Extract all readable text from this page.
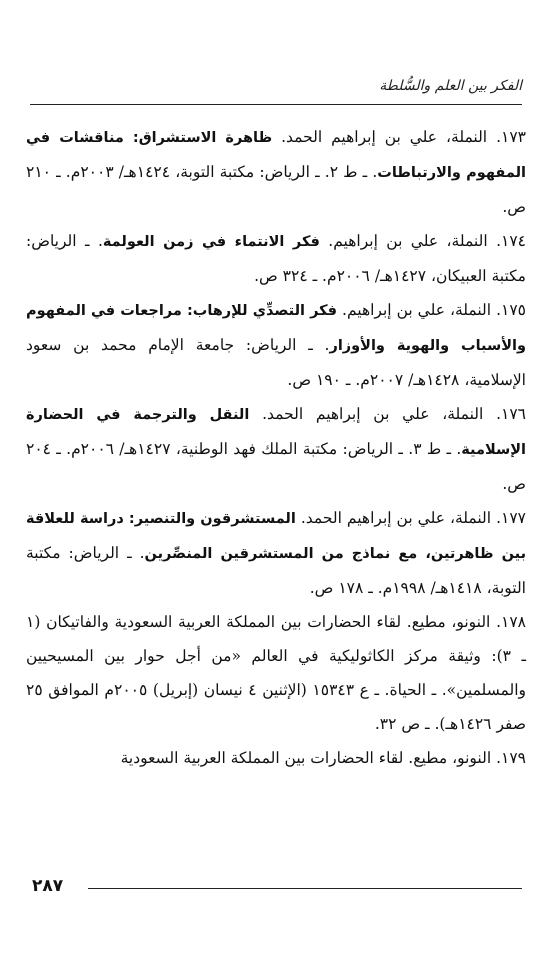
الفكر بين العلم والسُّلطة

١٧٣. النملة، علي بن إبراهيم الحمد. ظاهرة الاستشراق: مناقشات في المفهوم والارتباطات. ـ ط ٢. ـ الرياض: مكتبة التوبة، ١٤٢٤هـ/ ٢٠٠٣م. ـ ٢١٠ ص.

١٧٤. النملة، علي بن إبراهيم. فكر الانتماء في زمن العولمة. ـ الرياض: مكتبة العبيكان، ١٤٢٧هـ/ ٢٠٠٦م. ـ ٣٢٤ ص.

١٧٥. النملة، علي بن إبراهيم. فكر التصدِّي للإرهاب: مراجعات في المفهوم والأسباب والهوية والأوزار. ـ الرياض: جامعة الإمام محمد بن سعود الإسلامية، ١٤٢٨هـ/ ٢٠٠٧م. ـ ١٩٠ ص.

١٧٦. النملة، علي بن إبراهيم الحمد. النقل والترجمة في الحضارة الإسلامية. ـ ط ٣. ـ الرياض: مكتبة الملك فهد الوطنية، ١٤٢٧هـ/ ٢٠٠٦م. ـ ٢٠٤ ص.

١٧٧. النملة، علي بن إبراهيم الحمد. المستشرقون والتنصير: دراسة للعلاقة بين ظاهرتين، مع نماذج من المستشرقين المنصِّرين. ـ الرياض: مكتبة التوبة، ١٤١٨هـ/ ١٩٩٨م. ـ ١٧٨ ص.

١٧٨. النونو، مطيع. لقاء الحضارات بين المملكة العربية السعودية والفاتيكان (١ ـ ٣): وثيقة مركز الكاثوليكية في العالم «من أجل حوار بين المسيحيين والمسلمين». ـ الحياة. ـ ع ١٥٣٤٣ (الإثنين ٤ نيسان (إبريل) ٢٠٠٥م الموافق ٢٥ صفر ١٤٢٦هـ). ـ ص ٣٢.

١٧٩. النونو، مطيع. لقاء الحضارات بين المملكة العربية السعودية

٢٨٧
